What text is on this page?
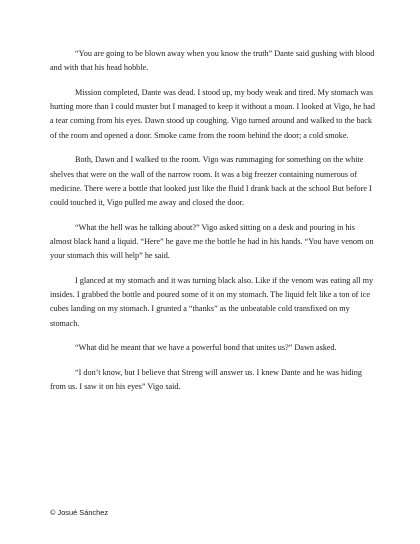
“You are going to be blown away when you know the truth” Dante said gushing with blood and with that his head hobble.

Mission completed, Dante was dead. I stood up, my body weak and tired. My stomach was hurting more than I could muster but I managed to keep it without a moan. I looked at Vigo, he had a tear coming from his eyes. Dawn stood up coughing. Vigo turned around and walked to the back of the room and opened a door. Smoke came from the room behind the door; a cold smoke.

Both, Dawn and I walked to the room. Vigo was rummaging for something on the white shelves that were on the wall of the narrow room. It was a big freezer containing numerous of medicine. There were a bottle that looked just like the fluid I drank back at the school But before I could touched it, Vigo pulled me away and closed the door.

“What the hell was he talking about?” Vigo asked sitting on a desk and pouring in his almost black hand a liquid. “Here” he gave me the bottle he had in his hands. “You have venom on your stomach this will help” he said.

I glanced at my stomach and it was turning black also. Like if the venom was eating all my insides. I grabbed the bottle and poured some of it on my stomach. The liquid felt like a ton of ice cubes landing on my stomach. I grunted a “thanks” as the unbeatable cold transfixed on my stomach.

“What did he meant that we have a powerful bond that unites us?” Dawn asked.

“I don’t know, but I believe that Streng will answer us. I knew Dante and he was hiding from us. I saw it on his eyes” Vigo said.

© Josué Sánchez
